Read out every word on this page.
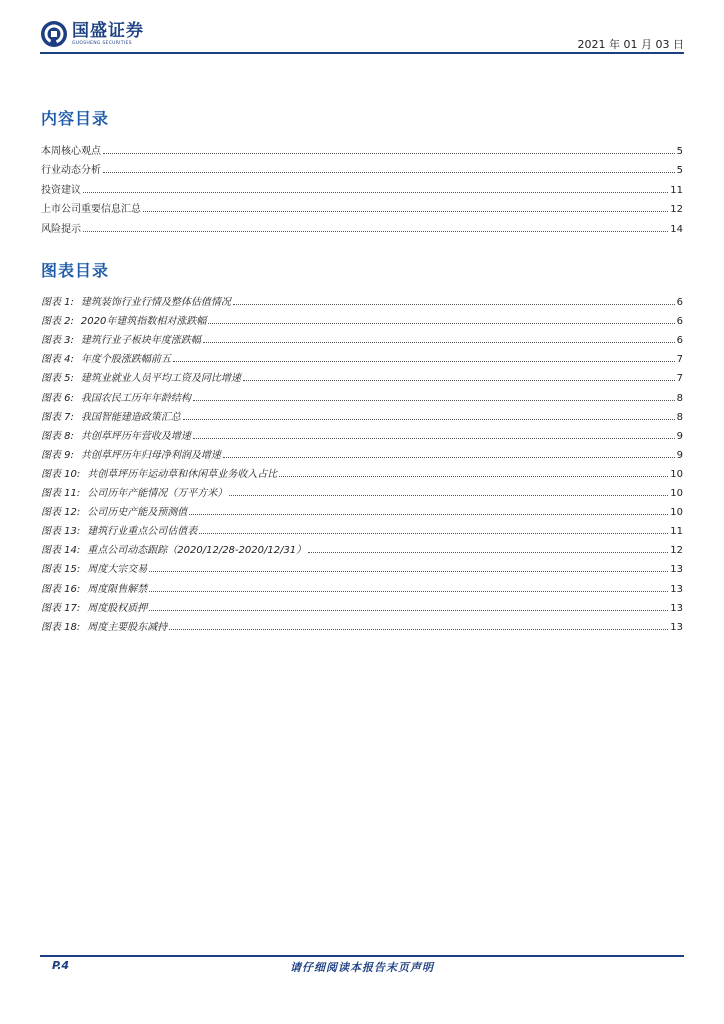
国盛证券
GUOSHENG SECURITIES	2021 年 01 月 03 日
内容目录
本周核心观点	5
行业动态分析	5
投资建议	11
上市公司重要信息汇总	12
风险提示	14
图表目录
图表 1: 建筑装饰行业行情及整体估值情况	6
图表 2: 2020年建筑指数相对涨跌幅	6
图表 3: 建筑行业子板块年度涨跌幅	6
图表 4: 年度个股涨跌幅前五	7
图表 5: 建筑业就业人员平均工资及同比增速	7
图表 6: 我国农民工历年年龄结构	8
图表 7: 我国智能建造政策汇总	8
图表 8: 共创草坪历年营收及增速	9
图表 9: 共创草坪历年归母净利润及增速	9
图表 10: 共创草坪历年运动草和休闲草业务收入占比	10
图表 11: 公司历年产能情况（万平方米）	10
图表 12: 公司历史产能及预测值	10
图表 13: 建筑行业重点公司估值表	11
图表 14: 重点公司动态跟踪（2020/12/28-2020/12/31）	12
图表 15: 周度大宗交易	13
图表 16: 周度限售解禁	13
图表 17: 周度股权质押	13
图表 18: 周度主要股东减持	13
P.4	请仔细阅读本报告末页声明
